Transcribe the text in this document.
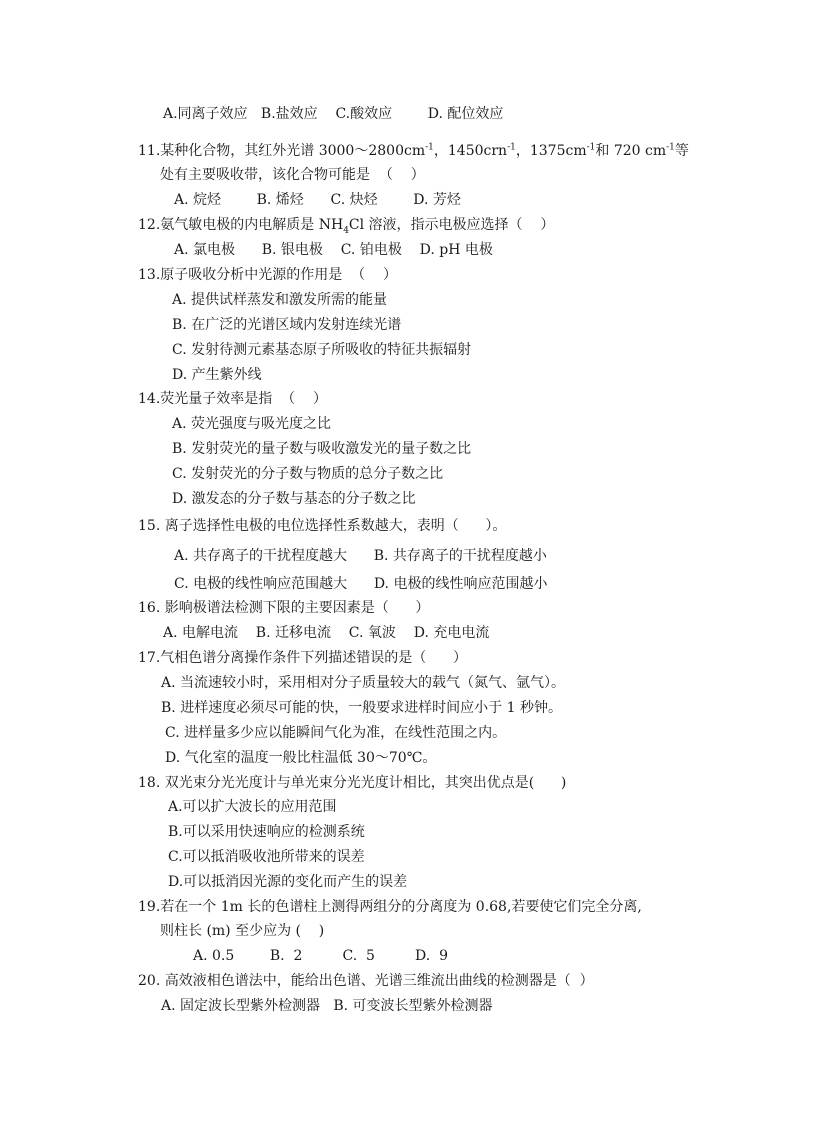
A.同离子效应   B.盐效应    C.酸效应        D. 配位效应
11.某种化合物，其红外光谱 $3000\sim 2800cm^{-1}$，1450crn$^{-1}$，$1375cm^{-1}$和 720 $cm^{-1}$等
处有主要吸收带，该化合物可能是  （    ）
A. 烷烃        B. 烯烃      C. 炔烃        D. 芳烃
12.氨气敏电极的内电解质是 $NH_4Cl$ 溶液，指示电极应选择（    ）
A. 氯电极      B. 银电极    C. 铂电极    D. pH 电极
13.原子吸收分析中光源的作用是  （    ）
A. 提供试样蒸发和激发所需的能量
B. 在广泛的光谱区域内发射连续光谱
C. 发射待测元素基态原子所吸收的特征共振辐射
D. 产生紫外线
14.荧光量子效率是指  （    ）
A. 荧光强度与吸光度之比
B. 发射荧光的量子数与吸收激发光的量子数之比
C. 发射荧光的分子数与物质的总分子数之比
D. 激发态的分子数与基态的分子数之比
15. 离子选择性电极的电位选择性系数越大，表明（      ）。
A. 共存离子的干扰程度越大      B. 共存离子的干扰程度越小
C. 电极的线性响应范围越大      D. 电极的线性响应范围越小
16. 影响极谱法检测下限的主要因素是（      ）
A. 电解电流    B. 迁移电流    C. 氧波    D. 充电电流
17.气相色谱分离操作条件下列描述错误的是（      ）
A. 当流速较小时，采用相对分子质量较大的载气（氮气、氩气）。
B. 进样速度必须尽可能的快，一般要求进样时间应小于 1 秒钟。
C. 进样量多少应以能瞬间气化为准，在线性范围之内。
D. 气化室的温度一般比柱温低 30～70℃。
18. 双光束分光光度计与单光束分光光度计相比，其突出优点是(      )
A.可以扩大波长的应用范围
B.可以采用快速响应的检测系统
C.可以抵消吸收池所带来的误差
D.可以抵消因光源的变化而产生的误差
19.若在一个 1m 长的色谱柱上测得两组分的分离度为 0.68,若要使它们完全分离,
则柱长 (m) 至少应为 (    )
A. 0.5        B.  2         C.  5         D.  9
20. 高效液相色谱法中，能给出色谱、光谱三维流出曲线的检测器是（  ）
A. 固定波长型紫外检测器   B. 可变波长型紫外检测器
